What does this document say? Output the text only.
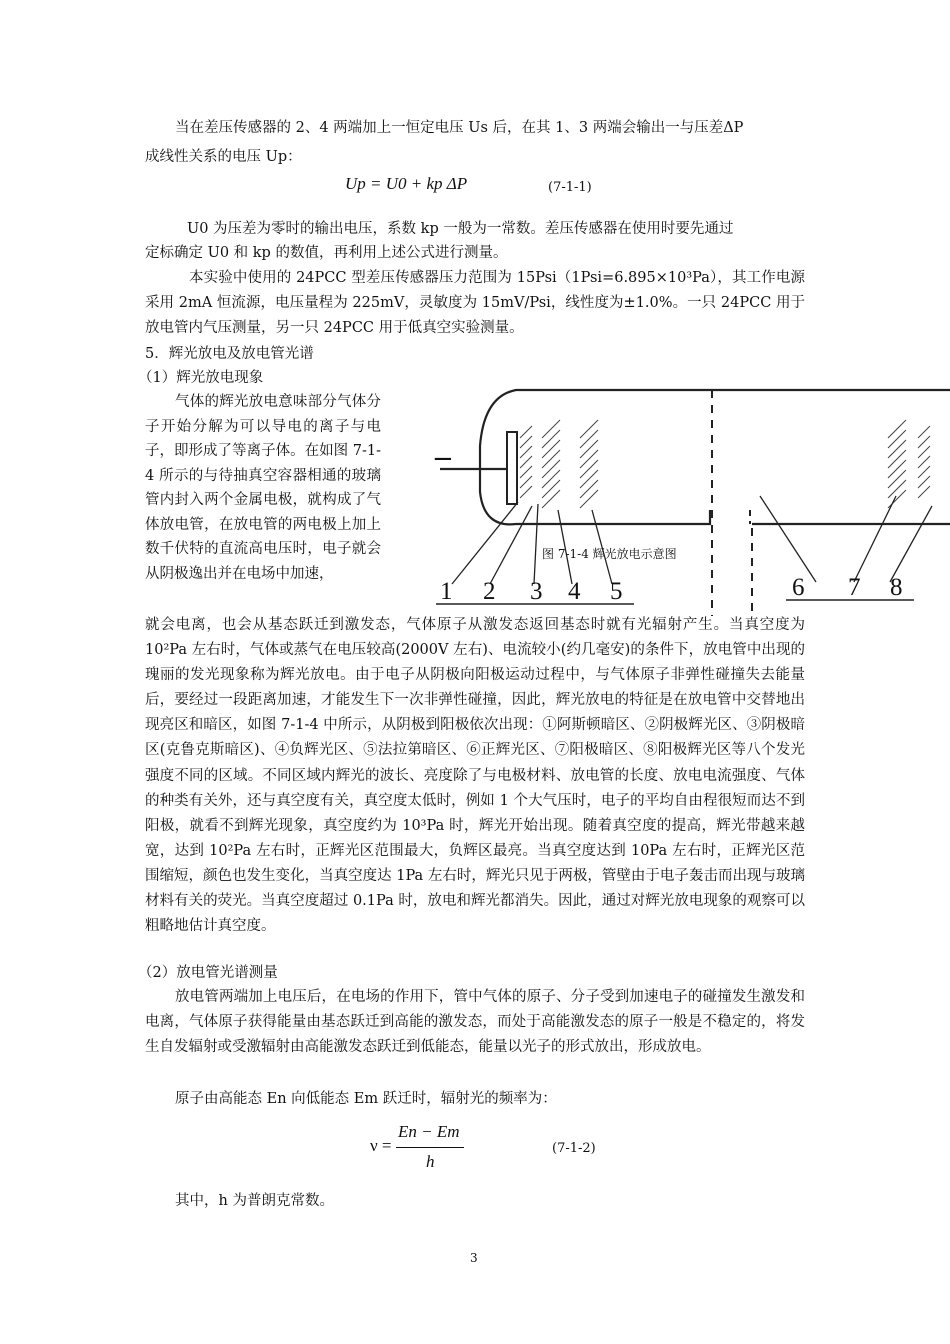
当在差压传感器的 2、4 两端加上一恒定电压 Us 后，在其 1、3 两端会输出一与压差ΔP
成线性关系的电压 Up：
Up = U0 + kp ΔP	(7-1-1)
U0 为压差为零时的输出电压，系数 kp 一般为一常数。差压传感器在使用时要先通过
定标确定 U0 和 kp 的数值，再利用上述公式进行测量。
本实验中使用的 24PCC 型差压传感器压力范围为 15Psi（1Psi=6.895×10³Pa），其工作电源采用 2mA 恒流源，电压量程为 225mV，灵敏度为 15mV/Psi，线性度为±1.0%。一只 24PCC 用于放电管内气压测量，另一只 24PCC 用于低真空实验测量。
5．辉光放电及放电管光谱
（1）辉光放电现象
气体的辉光放电意味部分气体分子开始分解为可以导电的离子与电子，即形成了等离子体。在如图 7-1-4 所示的与待抽真空容器相通的玻璃管内封入两个金属电极，就构成了气体放电管，在放电管的两电极上加上数千伏特的直流高电压时，电子就会从阴极逸出并在电场中加速，
1 2 3 4 5	6 7 8
−
图 7-1-4 辉光放电示意图
就会电离，也会从基态跃迁到激发态，气体原子从激发态返回基态时就有光辐射产生。当真空度为 10²Pa 左右时，气体或蒸气在电压较高(2000V 左右)、电流较小(约几毫安)的条件下，放电管中出现的瑰丽的发光现象称为辉光放电。由于电子从阴极向阳极运动过程中，与气体原子非弹性碰撞失去能量后，要经过一段距离加速，才能发生下一次非弹性碰撞，因此，辉光放电的特征是在放电管中交替地出现亮区和暗区，如图 7-1-4 中所示，从阴极到阳极依次出现：①阿斯顿暗区、②阴极辉光区、③阴极暗区(克鲁克斯暗区)、④负辉光区、⑤法拉第暗区、⑥正辉光区、⑦阳极暗区、⑧阳极辉光区等八个发光强度不同的区域。不同区域内辉光的波长、亮度除了与电极材料、放电管的长度、放电电流强度、气体的种类有关外，还与真空度有关，真空度太低时，例如 1 个大气压时，电子的平均自由程很短而达不到阳极，就看不到辉光现象，真空度约为 10³Pa 时，辉光开始出现。随着真空度的提高，辉光带越来越宽，达到 10²Pa 左右时，正辉光区范围最大，负辉区最亮。当真空度达到 10Pa 左右时，正辉光区范围缩短，颜色也发生变化，当真空度达 1Pa 左右时，辉光只见于两极，管壁由于电子轰击而出现与玻璃材料有关的荧光。当真空度超过 0.1Pa 时，放电和辉光都消失。因此，通过对辉光放电现象的观察可以粗略地估计真空度。
（2）放电管光谱测量
放电管两端加上电压后，在电场的作用下，管中气体的原子、分子受到加速电子的碰撞发生激发和电离，气体原子获得能量由基态跃迁到高能的激发态，而处于高能激发态的原子一般是不稳定的，将发生自发辐射或受激辐射由高能激发态跃迁到低能态，能量以光子的形式放出，形成放电。
原子由高能态 En 向低能态 Em 跃迁时，辐射光的频率为：
ν =
En − Em
h
(7-1-2)
其中，h 为普朗克常数。
3
